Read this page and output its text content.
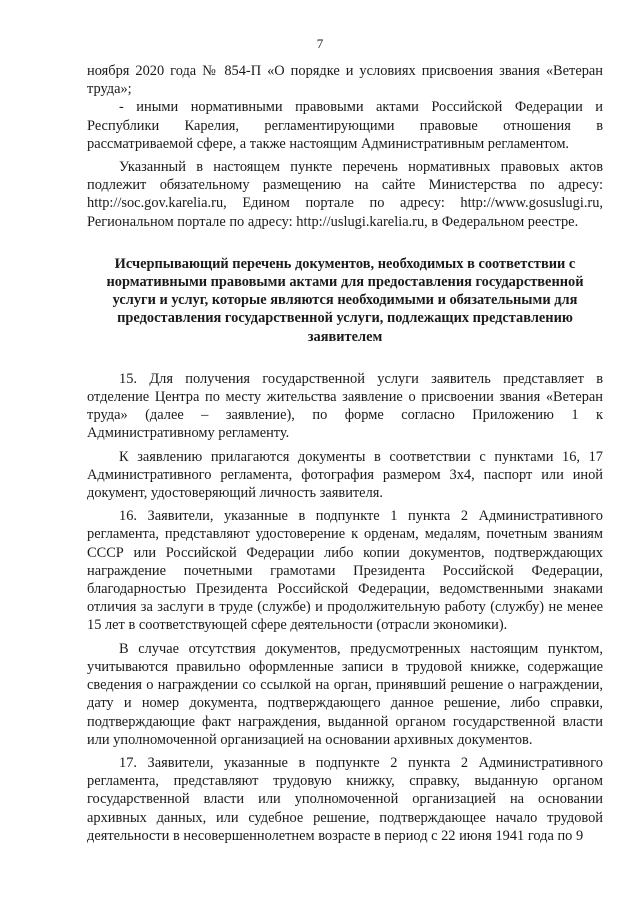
7

ноября 2020 года № 854-П «О порядке и условиях присвоения звания «Ветеран труда»;

- иными нормативными правовыми актами Российской Федерации и Республики Карелия, регламентирующими правовые отношения в рассматриваемой сфере, а также настоящим Административным регламентом.

Указанный в настоящем пункте перечень нормативных правовых актов подлежит обязательному размещению на сайте Министерства по адресу: http://soc.gov.karelia.ru, Едином портале по адресу: http://www.gosuslugi.ru, Региональном портале по адресу: http://uslugi.karelia.ru, в Федеральном реестре.

Исчерпывающий перечень документов, необходимых в соответствии с нормативными правовыми актами для предоставления государственной услуги и услуг, которые являются необходимыми и обязательными для предоставления государственной услуги, подлежащих представлению заявителем

15. Для получения государственной услуги заявитель представляет в отделение Центра по месту жительства заявление о присвоении звания «Ветеран труда» (далее – заявление), по форме согласно Приложению 1 к Административному регламенту.

К заявлению прилагаются документы в соответствии с пунктами 16, 17 Административного регламента, фотография размером 3х4, паспорт или иной документ, удостоверяющий личность заявителя.

16. Заявители, указанные в подпункте 1 пункта 2 Административного регламента, представляют удостоверение к орденам, медалям, почетным званиям СССР или Российской Федерации либо копии документов, подтверждающих награждение почетными грамотами Президента Российской Федерации, благодарностью Президента Российской Федерации, ведомственными знаками отличия за заслуги в труде (службе) и продолжительную работу (службу) не менее 15 лет в соответствующей сфере деятельности (отрасли экономики).

В случае отсутствия документов, предусмотренных настоящим пунктом, учитываются правильно оформленные записи в трудовой книжке, содержащие сведения о награждении со ссылкой на орган, принявший решение о награждении, дату и номер документа, подтверждающего данное решение, либо справки, подтверждающие факт награждения, выданной органом государственной власти или уполномоченной организацией на основании архивных документов.

17. Заявители, указанные в подпункте 2 пункта 2 Административного регламента, представляют трудовую книжку, справку, выданную органом государственной власти или уполномоченной организацией на основании архивных данных, или судебное решение, подтверждающее начало трудовой деятельности в несовершеннолетнем возрасте в период с 22 июня 1941 года по 9
